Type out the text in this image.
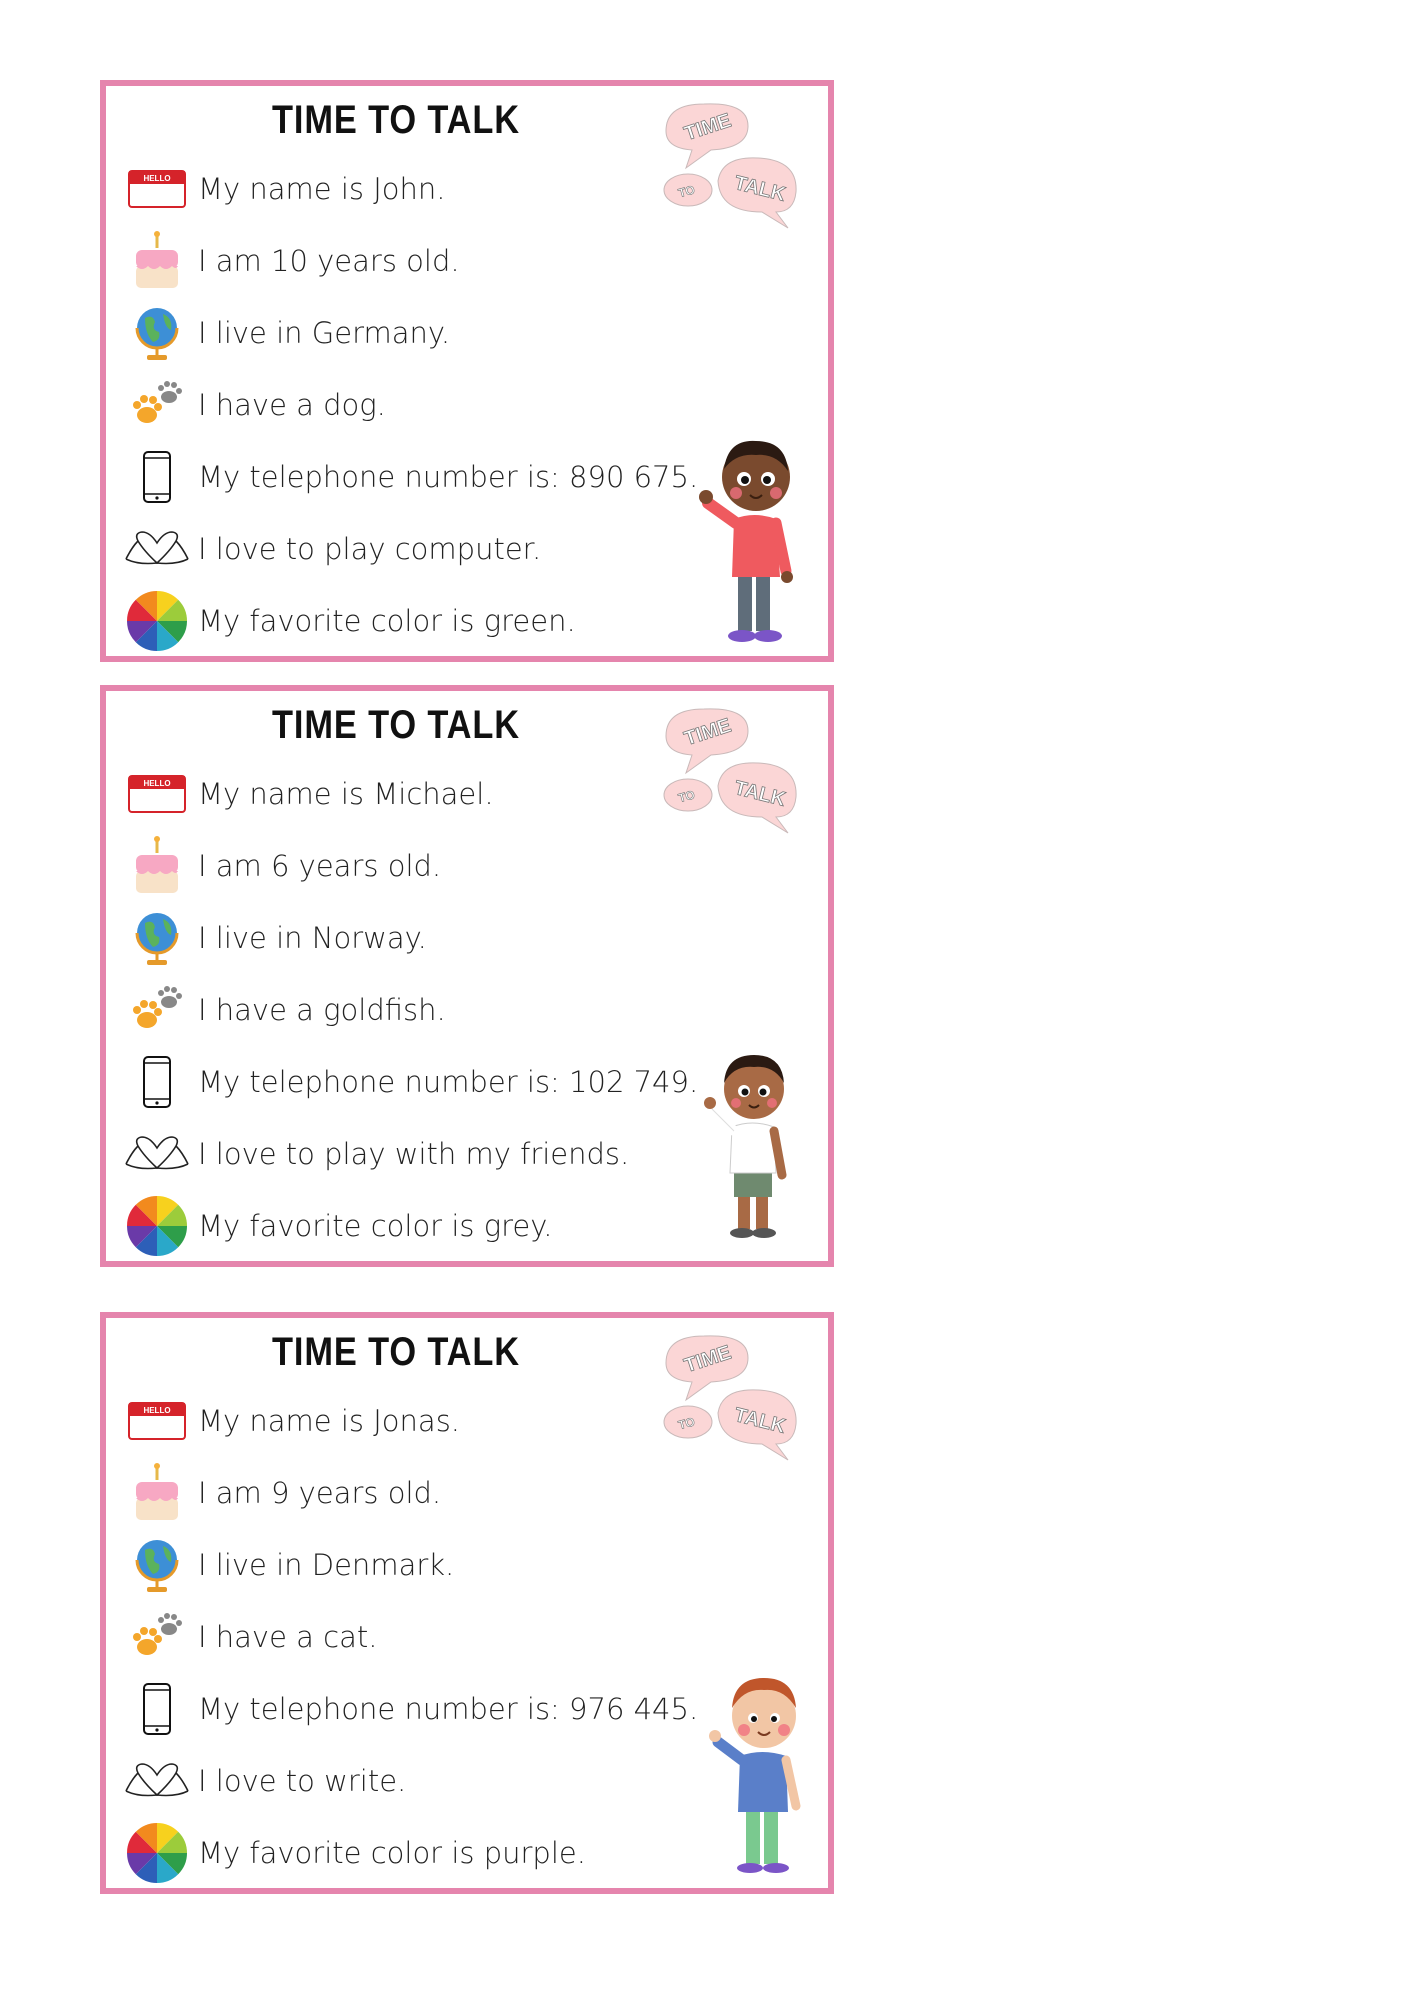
TIME TO TALK	TIME
TO TALK
HELLO My name is John.
I am 10 years old.
I live in Germany.
I have a dog.
My telephone number is: 890 675.
I love to play computer.
My favorite color is green.
TIME TO TALK	TIME
TO TALK
HELLO My name is Michael.
I am 6 years old.
I live in Norway.
I have a goldfish.
My telephone number is: 102 749.
I love to play with my friends.
My favorite color is grey.
TIME TO TALK	TIME
TO TALK
HELLO My name is Jonas.
I am 9 years old.
I live in Denmark.
I have a cat.
My telephone number is: 976 445.
I love to write.
My favorite color is purple.
